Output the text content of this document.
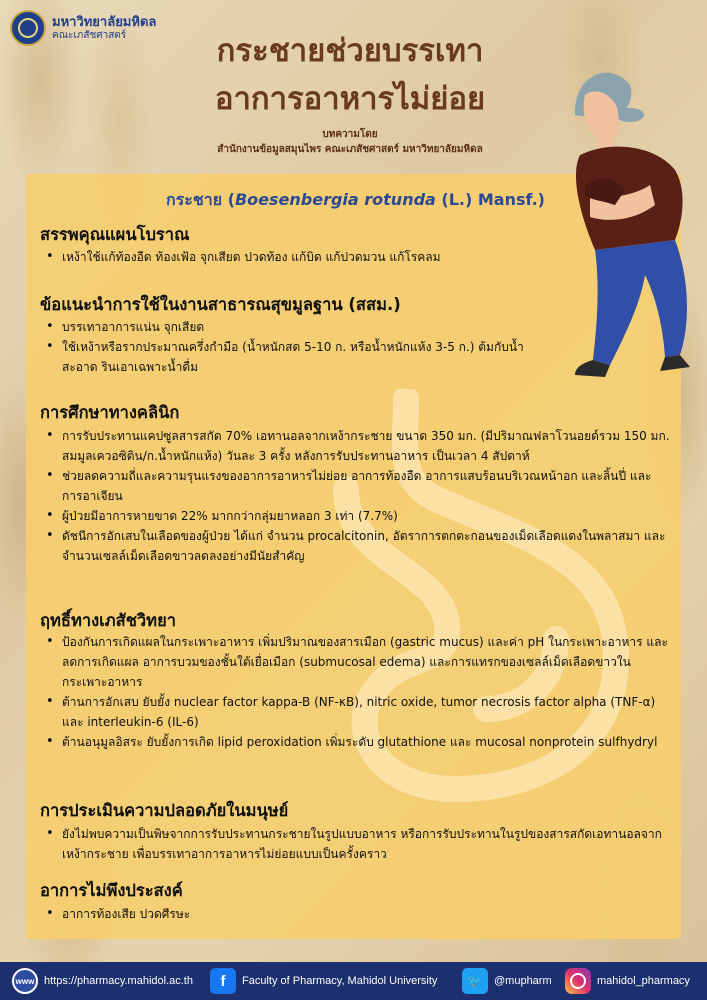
มหาวิทยาลัยมหิดล
คณะเภสัชศาสตร์	กระชายช่วยบรรเทา
อาการอาหารไม่ย่อย
บทความโดย
สำนักงานข้อมูลสมุนไพร คณะเภสัชศาสตร์ มหาวิทยาลัยมหิดล
กระชาย (Boesenbergia rotunda (L.) Mansf.)
สรรพคุณแผนโบราณ
• เหง้าใช้แก้ท้องอืด ท้องเฟ้อ จุกเสียด ปวดท้อง แก้บิด แก้ปวดมวน แก้โรคลม
ข้อแนะนำการใช้ในงานสาธารณสุขมูลฐาน (สสม.)
• บรรเทาอาการแน่น จุกเสียด
• ใช้เหง้าหรือรากประมาณครึ่งกำมือ (น้ำหนักสด 5-10 ก. หรือน้ำหนักแห้ง 3-5 ก.) ต้มกับน้ำสะอาด รินเอาเฉพาะน้ำดื่ม
การศึกษาทางคลินิก
• การรับประทานแคปซูลสารสกัด 70% เอทานอลจากเหง้ากระชาย ขนาด 350 มก. (มีปริมาณฟลาโวนอยด์รวม 150 มก. สมมูลเควอซิติน/ก.น้ำหนักแห้ง) วันละ 3 ครั้ง หลังการรับประทานอาหาร เป็นเวลา 4 สัปดาห์
• ช่วยลดความถี่และความรุนแรงของอาการอาหารไม่ย่อย อาการท้องอืด อาการแสบร้อนบริเวณหน้าอก และลิ้นปี่ และการอาเจียน
• ผู้ป่วยมีอาการหายขาด 22% มากกว่ากลุ่มยาหลอก 3 เท่า (7.7%)
• ดัชนีการอักเสบในเลือดของผู้ป่วย ได้แก่ จำนวน procalcitonin, อัตราการตกตะกอนของเม็ดเลือดแดงในพลาสมา และจำนวนเซลล์เม็ดเลือดขาวลดลงอย่างมีนัยสำคัญ
ฤทธิ์ทางเภสัชวิทยา
• ป้องกันการเกิดแผลในกระเพาะอาหาร เพิ่มปริมาณของสารเมือก (gastric mucus) และค่า pH ในกระเพาะอาหาร และลดการเกิดแผล อาการบวมของชั้นใต้เยื่อเมือก (submucosal edema) และการแทรกของเซลล์เม็ดเลือดขาวในกระเพาะอาหาร
• ต้านการอักเสบ ยับยั้ง nuclear factor kappa-B (NF-κB), nitric oxide, tumor necrosis factor alpha (TNF-α) และ interleukin-6 (IL-6)
• ต้านอนุมูลอิสระ ยับยั้งการเกิด lipid peroxidation เพิ่มระดับ glutathione และ mucosal nonprotein sulfhydryl
การประเมินความปลอดภัยในมนุษย์
• ยังไม่พบความเป็นพิษจากการรับประทานกระชายในรูปแบบอาหาร หรือการรับประทานในรูปของสารสกัดเอทานอลจากเหง้ากระชาย เพื่อบรรเทาอาการอาหารไม่ย่อยแบบเป็นครั้งคราว
อาการไม่พึงประสงค์
• อาการท้องเสีย ปวดศีรษะ
www https://pharmacy.mahidol.ac.th	f	Faculty of Pharmacy, Mahidol University	🐦	@mupharm	mahidol_pharmacy
